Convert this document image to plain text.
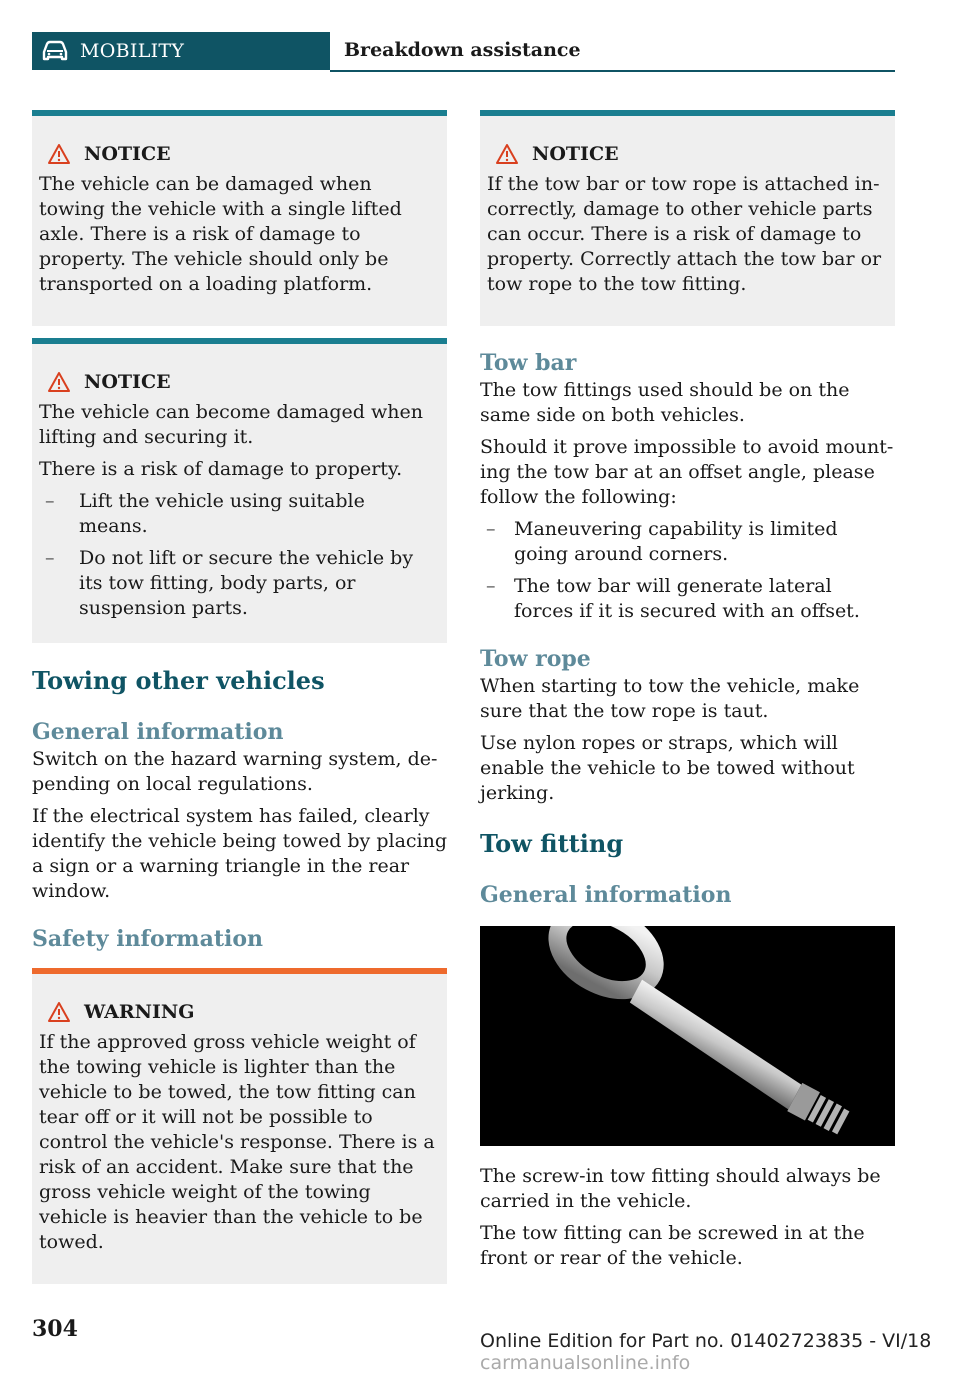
MOBILITY	Breakdown assistance
NOTICE

The vehicle can be damaged when towing the vehicle with a single lifted axle. There is a risk of damage to property. The vehicle should only be transported on a loading platform.

NOTICE

The vehicle can become damaged when lifting and securing it.

There is a risk of damage to property.

– Lift the vehicle using suitable means.
– Do not lift or secure the vehicle by its tow fitting, body parts, or suspension parts.
Towing other vehicles
General information

Switch on the hazard warning system, depending on local regulations.

If the electrical system has failed, clearly identify the vehicle being towed by placing a sign or a warning triangle in the rear window.

Safety information
WARNING

If the approved gross vehicle weight of the towing vehicle is lighter than the vehicle to be towed, the tow fitting can tear off or it will not be possible to control the vehicle's response. There is a risk of an accident. Make sure that the gross vehicle weight of the towing vehicle is heavier than the vehicle to be towed.

NOTICE

If the tow bar or tow rope is attached incorrectly, damage to other vehicle parts can occur. There is a risk of damage to property. Correctly attach the tow bar or tow rope to the tow fitting.

Tow bar

The tow fittings used should be on the same side on both vehicles.

Should it prove impossible to avoid mounting the tow bar at an offset angle, please follow the following:

– Maneuvering capability is limited going around corners.
– The tow bar will generate lateral forces if it is secured with an offset.
Tow rope

When starting to tow the vehicle, make sure that the tow rope is taut.

Use nylon ropes or straps, which will enable the vehicle to be towed without jerking.

Tow fitting
General information

The screw-in tow fitting should always be carried in the vehicle.

The tow fitting can be screwed in at the front or rear of the vehicle.

304	Online Edition for Part no. 01402723835 - VI/18 carmanualsonline.info
